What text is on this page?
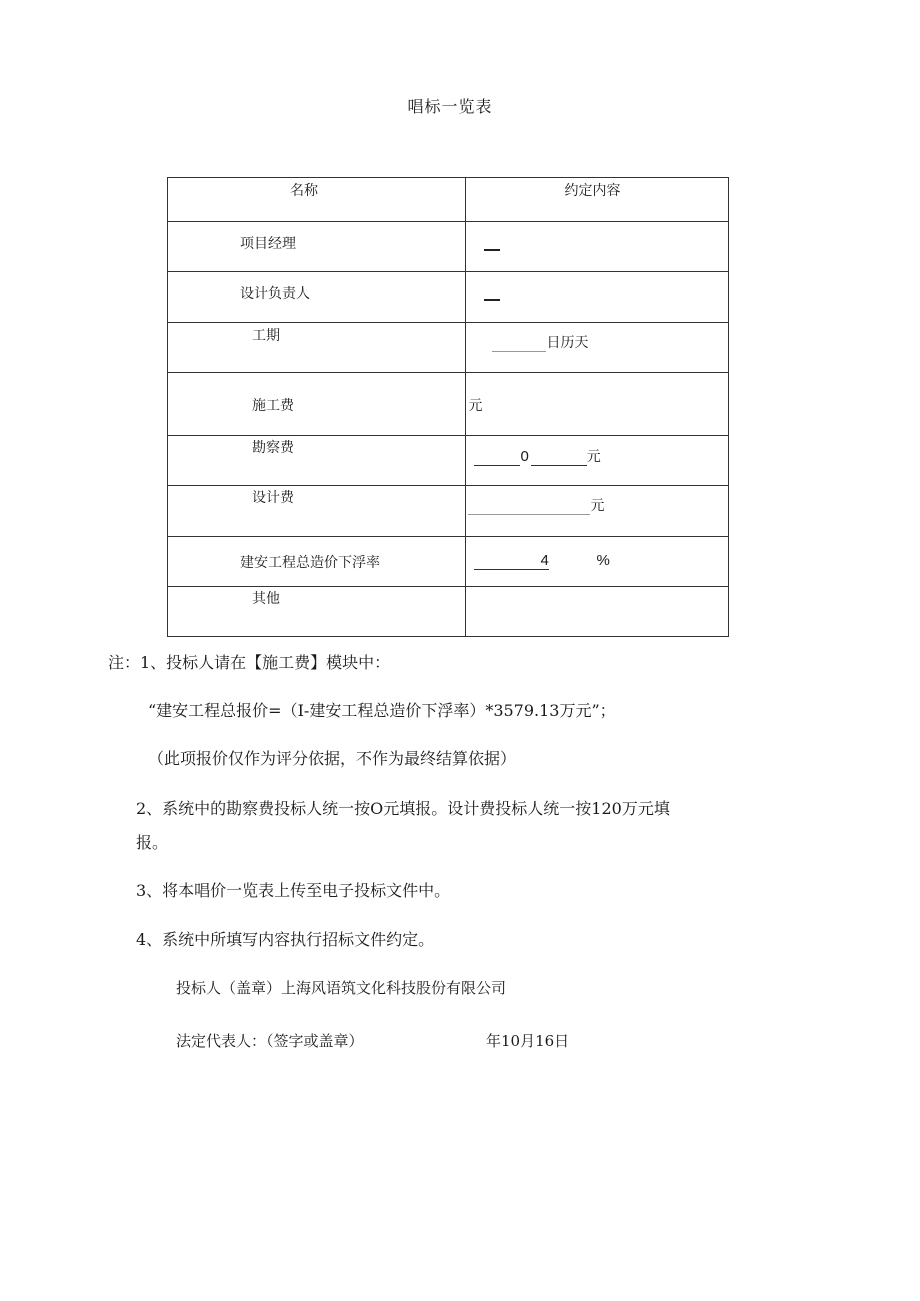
唱标一览表
名称	约定内容

项目经理	

设计负责人	

工期	日历天

施工费	元

勘察费	0 元

设计费	元

建安工程总造价下浮率	4 %

其他	

注：1、投标人请在【施工费】模块中：
“建安工程总报价=（I-建安工程总造价下浮率）*3579.13万元”；
（此项报价仅作为评分依据，不作为最终结算依据）
2、系统中的勘察费投标人统一按O元填报。设计费投标人统一按120万元填
报。
3、将本唱价一览表上传至电子投标文件中。
4、系统中所填写内容执行招标文件约定。
投标人（盖章）上海风语筑文化科技股份有限公司
法定代表人：（签字或盖章）	年10月16日
